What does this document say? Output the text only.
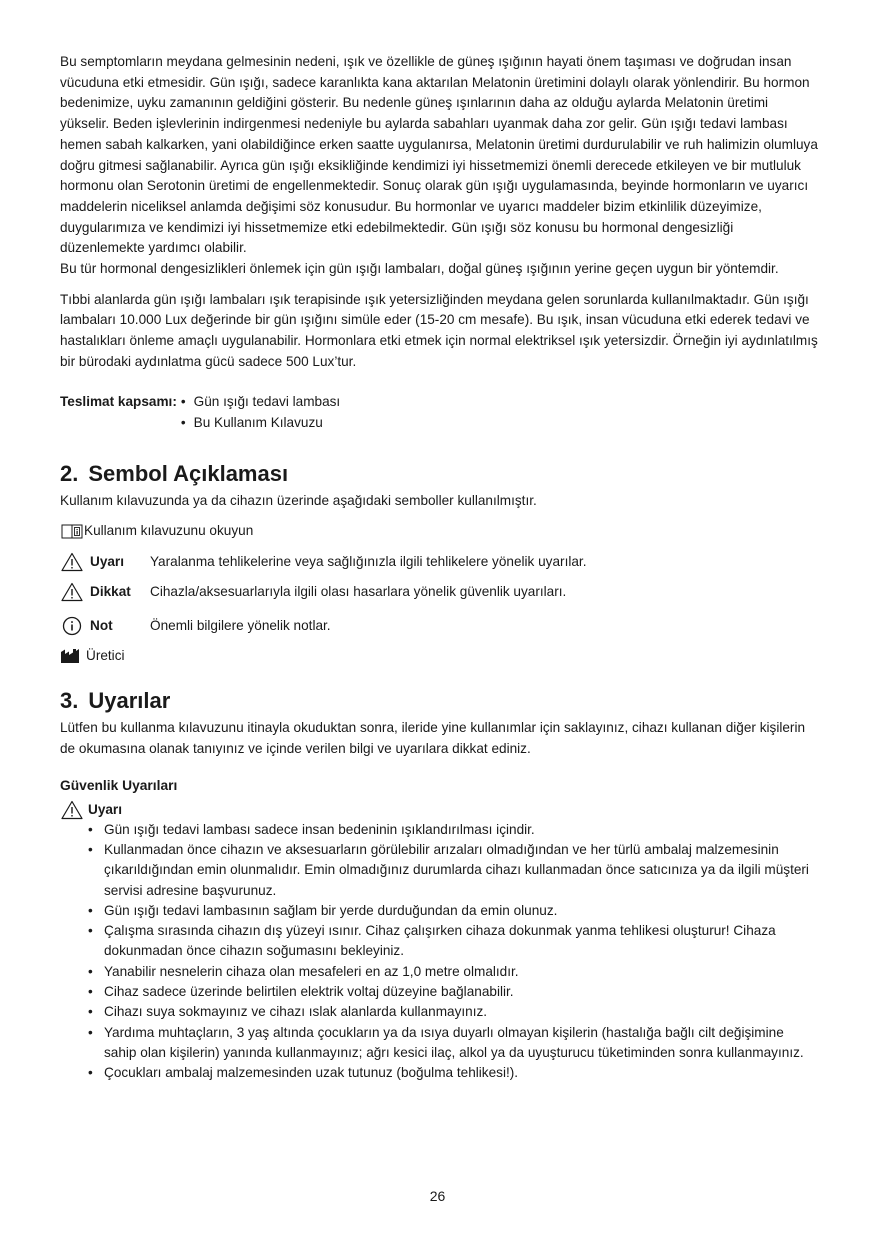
Bu semptomların meydana gelmesinin nedeni, ışık ve özellikle de güneş ışığının hayati önem taşıması ve doğrudan insan vücuduna etki etmesidir. Gün ışığı, sadece karanlıkta kana aktarılan Melatonin üretimini dolaylı olarak yönlendirir. Bu hormon bedenimize, uyku zamanının geldiğini gösterir. Bu nedenle güneş ışınlarının daha az olduğu aylarda Melatonin üretimi yükselir. Beden işlevlerinin indirgenmesi nedeniyle bu aylarda sabahları uyanmak daha zor gelir. Gün ışığı tedavi lambası hemen sabah kalkarken, yani olabildiğince erken saatte uygulanırsa, Melatonin üretimi durdurulabilir ve ruh halimizin olumluya doğru gitmesi sağlanabilir. Ayrıca gün ışığı eksikliğinde kendimizi iyi hissetmemizi önemli derecede etkileyen ve bir mutluluk hormonu olan Serotonin üretimi de engellenmektedir. Sonuç olarak gün ışığı uygulamasında, beyinde hormonların ve uyarıcı maddelerin niceliksel anlamda değişimi söz konusudur. Bu hormonlar ve uyarıcı maddeler bizim etkinlilik düzeyimize, duygularımıza ve kendimizi iyi hissetmemize etki edebilmektedir. Gün ışığı söz konusu bu hormonal dengesizliği düzenlemekte yardımcı olabilir.

Bu tür hormonal dengesizlikleri önlemek için gün ışığı lambaları, doğal güneş ışığının yerine geçen uygun bir yöntemdir.

Tıbbi alanlarda gün ışığı lambaları ışık terapisinde ışık yetersizliğinden meydana gelen sorunlarda kullanılmaktadır. Gün ışığı lambaları 10.000 Lux değerinde bir gün ışığını simüle eder (15-20 cm mesafe). Bu ışık, insan vücuduna etki ederek tedavi ve hastalıkları önleme amaçlı uygulanabilir. Hormonlara etki etmek için normal elektriksel ışık yetersizdir. Örneğin iyi aydınlatılmış bir bürodaki aydınlatma gücü sadece 500 Lux’tur.

Teslimat kapsamı:
•	Gün ışığı tedavi lambası
• Bu Kullanım Kılavuzu
2. Sembol Açıklaması

Kullanım kılavuzunda ya da cihazın üzerinde aşağıdaki semboller kullanılmıştır.

Kullanım kılavuzunu okuyun
Uyarı Yaralanma tehlikelerine veya sağlığınızla ilgili tehlikelere yönelik uyarılar.
Dikkat Cihazla/aksesuarlarıyla ilgili olası hasarlara yönelik güvenlik uyarıları.
Not	Önemli bilgilere yönelik notlar.
Üretici
3. Uyarılar

Lütfen bu kullanma kılavuzunu itinayla okuduktan sonra, ileride yine kullanımlar için saklayınız, cihazı kullanan diğer kişilerin de okumasına olanak tanıyınız ve içinde verilen bilgi ve uyarılara dikkat ediniz.

Güvenlik Uyarıları
Uyarı
• Gün ışığı tedavi lambası sadece insan bedeninin ışıklandırılması içindir.
• Kullanmadan önce cihazın ve aksesuarların görülebilir arızaları olmadığından ve her türlü ambalaj malzemesinin çıkarıldığından emin olunmalıdır. Emin olmadığınız durumlarda cihazı kullanmadan önce satıcınıza ya da ilgili müşteri servisi adresine başvurunuz.
• Gün ışığı tedavi lambasının sağlam bir yerde durduğundan da emin olunuz.
• Çalışma sırasında cihazın dış yüzeyi ısınır. Cihaz çalışırken cihaza dokunmak yanma tehlikesi oluşturur! Cihaza dokunmadan önce cihazın soğumasını bekleyiniz.
• Yanabilir nesnelerin cihaza olan mesafeleri en az 1,0 metre olmalıdır.
• Cihaz sadece üzerinde belirtilen elektrik voltaj düzeyine bağlanabilir.
• Cihazı suya sokmayınız ve cihazı ıslak alanlarda kullanmayınız.
• Yardıma muhtaçların, 3 yaş altında çocukların ya da ısıya duyarlı olmayan kişilerin (hastalığa bağlı cilt değişimine sahip olan kişilerin) yanında kullanmayınız; ağrı kesici ilaç, alkol ya da uyuşturucu tüketiminden sonra kullanmayınız.
• Çocukları ambalaj malzemesinden uzak tutunuz (boğulma tehlikesi!).
26
